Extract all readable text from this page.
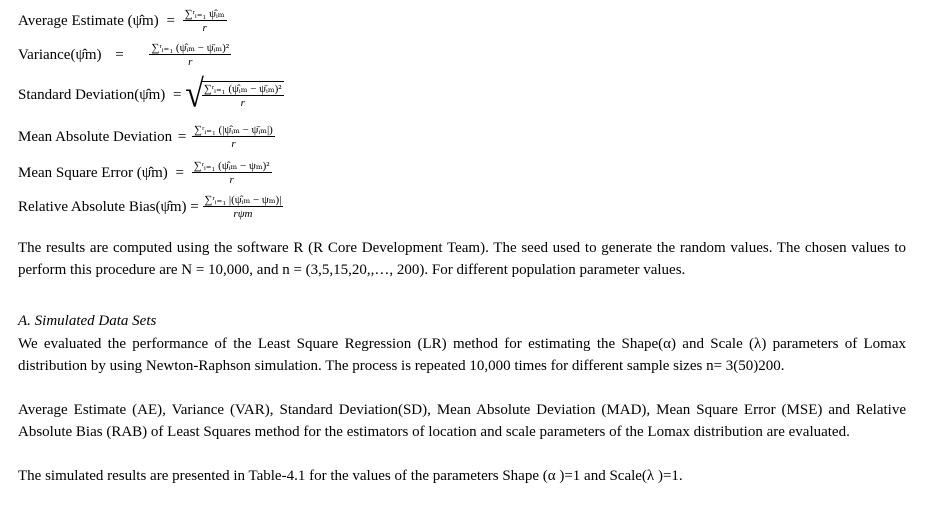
Average Estimate (ψ̂m) = $\frac{\text{∑ʳᵢ₌₁ ψ̂ᵢₘ}}{r}$
Variance(ψ̂m) = $\frac{\text{∑ʳᵢ₌₁ (ψ̂ᵢₘ − ψ̄ᵢₘ)²}}{r}$
Standard Deviation(ψ̂m) = √
$\frac{\text{∑ʳᵢ₌₁ (ψ̂ᵢₘ − ψ̄ᵢₘ)²}}{r}$
Mean Absolute Deviation = $\frac{\text{∑ʳᵢ₌₁ (|ψ̂ᵢₘ − ψ̄ᵢₘ|)}}{r}$
Mean Square Error (ψ̂m) = $\frac{\text{∑ʳᵢ₌₁ (ψ̂ᵢₘ − ψₘ)²}}{r}$
Relative Absolute Bias(ψ̂m) = $\frac{\text{∑ʳᵢ₌₁ |(ψ̂ᵢₘ − ψₘ)|}}{\text{rψm}}$

The results are computed using the software R (R Core Development Team). The seed used to generate the random values. The chosen values to perform this procedure are N = 10,000, and n = (3,5,15,20,,…, 200). For different population parameter values.

A. Simulated Data Sets

We evaluated the performance of the Least Square Regression (LR) method for estimating the Shape(α) and Scale (λ) parameters of Lomax distribution by using Newton-Raphson simulation. The process is repeated 10,000 times for different sample sizes n= 3(50)200.

Average Estimate (AE), Variance (VAR), Standard Deviation(SD), Mean Absolute Deviation (MAD), Mean Square Error (MSE) and Relative Absolute Bias (RAB) of Least Squares method for the estimators of location and scale parameters of the Lomax distribution are evaluated.

The simulated results are presented in Table-4.1 for the values of the parameters Shape (α )=1 and Scale(λ )=1.
